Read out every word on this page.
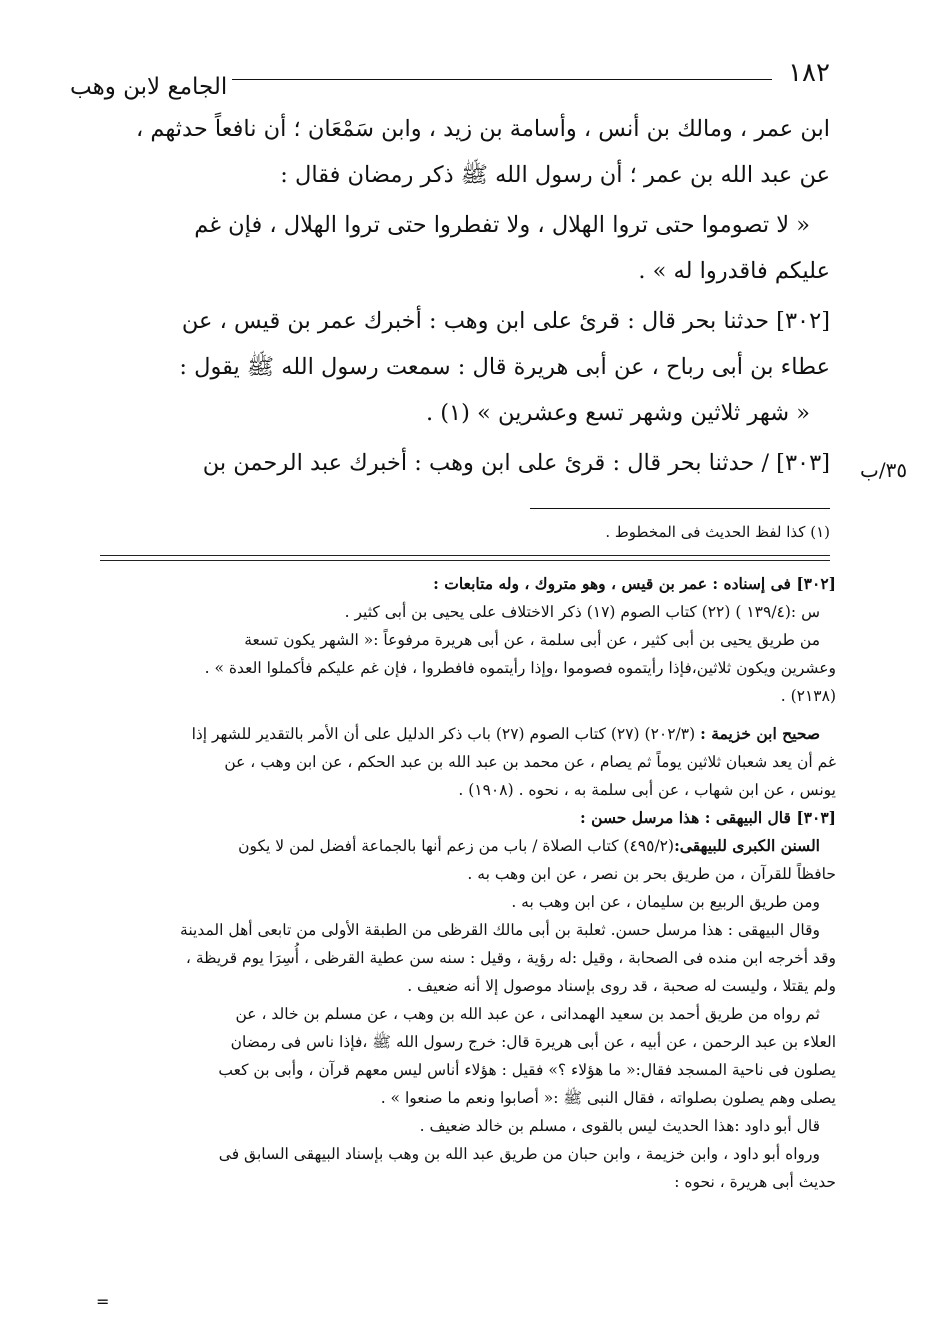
١٨٢
الجامع لابن وهب

ابن عمر ، ومالك بن أنس ، وأسامة بن زيد ، وابن سَمْعَان ؛ أن نافعاً حدثهم ،

عن عبد الله بن عمر ؛ أن رسول الله ﷺ ذكر رمضان فقال :

« لا تصوموا حتى تروا الهلال ، ولا تفطروا حتى تروا الهلال ، فإن غم

عليكم فاقدروا له » .

[٣٠٢] حدثنا بحر قال : قرئ على ابن وهب : أخبرك عمر بن قيس ، عن

عطاء بن أبى رباح ، عن أبى هريرة قال : سمعت رسول الله ﷺ يقول :

« شهر ثلاثين وشهر تسع وعشرين » (١) .

[٣٠٣] / حدثنا بحر قال : قرئ على ابن وهب : أخبرك عبد الرحمن بن ٣٥/ب
(١) كذا لفظ الحديث فى المخطوط .

[٣٠٢] فى إسناده : عمر بن قيس ، وهو متروك ، وله متابعات :

س :(١٣٩/٤ ) (٢٢) كتاب الصوم (١٧) ذكر الاختلاف على يحيى بن أبى كثير .

من طريق يحيى بن أبى كثير ، عن أبى سلمة ، عن أبى هريرة مرفوعاً :« الشهر يكون تسعة

وعشرين ويكون ثلاثين،فإذا رأيتموه فصوموا ،وإذا رأيتموه فافطروا ، فإن غم عليكم فأكملوا العدة » .

(٢١٣٨) .

صحيح ابن خزيمة : (٢٠٢/٣) (٢٧) كتاب الصوم (٢٧) باب ذكر الدليل على أن الأمر بالتقدير للشهر إذا

غم أن يعد شعبان ثلاثين يوماً ثم يصام ، عن محمد بن عبد الله بن عبد الحكم ، عن ابن وهب ، عن

يونس ، عن ابن شهاب ، عن أبى سلمة به ، نحوه . (١٩٠٨) .

[٣٠٣] قال البيهقى : هذا مرسل حسن :

السنن الكبرى للبيهقى:(٤٩٥/٢) كتاب الصلاة / باب من زعم أنها بالجماعة أفضل لمن لا يكون

حافظاً للقرآن ، من طريق بحر بن نصر ، عن ابن وهب به .

ومن طريق الربيع بن سليمان ، عن ابن وهب به .

وقال البيهقى : هذا مرسل حسن. ثعلبة بن أبى مالك القرظى من الطبقة الأولى من تابعى أهل المدينة

وقد أخرجه ابن منده فى الصحابة ، وقيل :له رؤية ، وقيل : سنه سن عطية القرظى ، أُسِرَا يوم قريظة ،

ولم يقتلا ، وليست له صحبة ، قد روى بإسناد موصول إلا أنه ضعيف .

ثم رواه من طريق أحمد بن سعيد الهمدانى ، عن عبد الله بن وهب ، عن مسلم بن خالد ، عن

العلاء بن عبد الرحمن ، عن أبيه ، عن أبى هريرة قال: خرج رسول الله ﷺ ،فإذا ناس فى رمضان

يصلون فى ناحية المسجد فقال:« ما هؤلاء ؟» فقيل : هؤلاء أناس ليس معهم قرآن ، وأبى بن كعب

يصلى وهم يصلون بصلواته ، فقال النبى ﷺ :« أصابوا ونعم ما صنعوا » .

قال أبو داود :هذا الحديث ليس بالقوى ، مسلم بن خالد ضعيف .

ورواه أبو داود ، وابن خزيمة ، وابن حبان من طريق عبد الله بن وهب بإسناد البيهقى السابق فى

حديث أبى هريرة ، نحوه :

=
